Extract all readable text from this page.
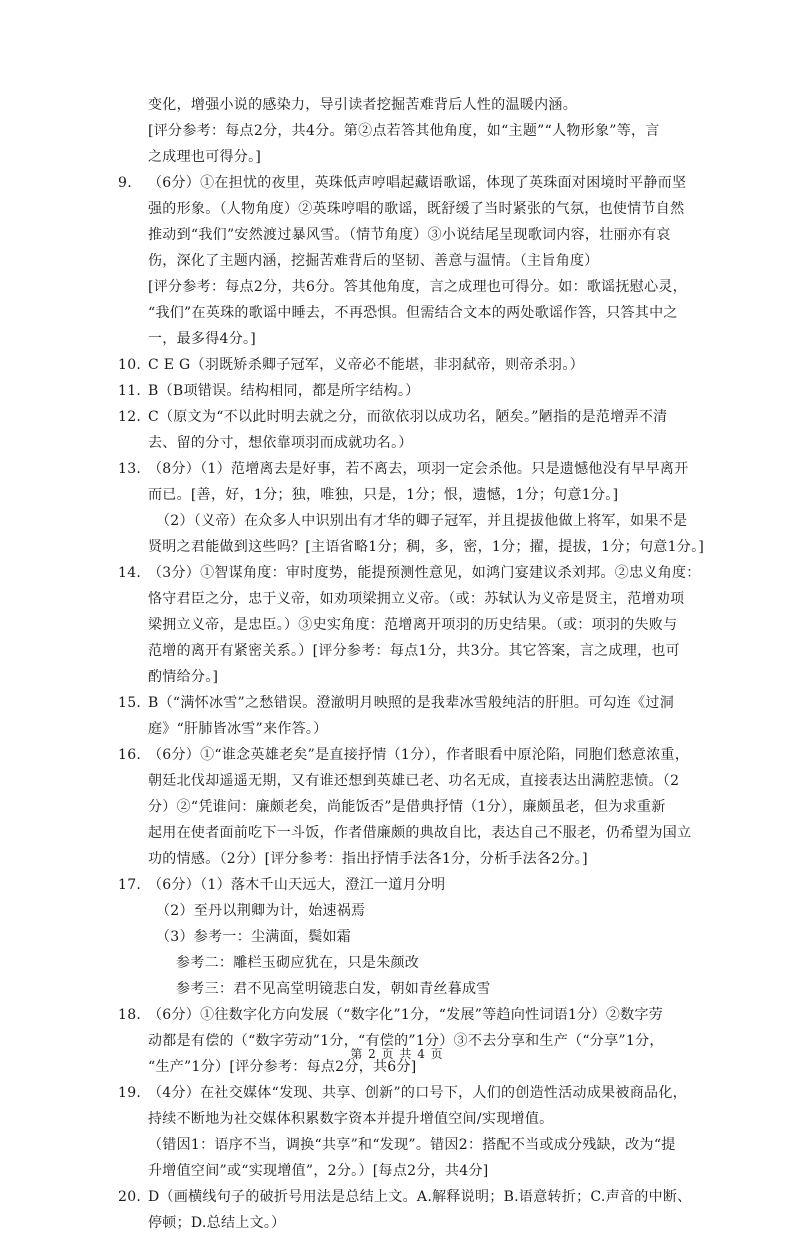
变化，增强小说的感染力，导引读者挖掘苦难背后人性的温暖内涵。
[评分参考：每点2分，共4分。第②点若答其他角度，如“主题”“人物形象”等，言
之成理也可得分。]
9. （6分）①在担忧的夜里，英珠低声哼唱起藏语歌谣，体现了英珠面对困境时平静而坚
强的形象。（人物角度）②英珠哼唱的歌谣，既舒缓了当时紧张的气氛，也使情节自然
推动到“我们”安然渡过暴风雪。（情节角度）③小说结尾呈现歌词内容，壮丽亦有哀
伤，深化了主题内涵，挖掘苦难背后的坚韧、善意与温情。（主旨角度）
[评分参考：每点2分，共6分。答其他角度，言之成理也可得分。如：歌谣抚慰心灵，
“我们”在英珠的歌谣中睡去，不再恐惧。但需结合文本的两处歌谣作答，只答其中之
一，最多得4分。]
10. C E G（羽既矫杀卿子冠军，义帝必不能堪，非羽弑帝，则帝杀羽。）
11. B（B项错误。结构相同，都是所字结构。）
12. C（原文为“不以此时明去就之分，而欲依羽以成功名，陋矣。”陋指的是范增弄不清
去、留的分寸，想依靠项羽而成就功名。）
13. （8分）（1）范增离去是好事，若不离去，项羽一定会杀他。只是遗憾他没有早早离开
而已。[善，好，1分；独，唯独，只是，1分；恨，遗憾，1分；句意1分。]
（2）（义帝）在众多人中识别出有才华的卿子冠军，并且提拔他做上将军，如果不是
贤明之君能做到这些吗？[主语省略1分；稠，多，密，1分；擢，提拔，1分；句意1分。]
14. （3分）①智谋角度：审时度势，能提预测性意见，如鸿门宴建议杀刘邦。②忠义角度：
恪守君臣之分，忠于义帝，如劝项梁拥立义帝。（或：苏轼认为义帝是贤主，范增劝项
梁拥立义帝，是忠臣。）③史实角度：范增离开项羽的历史结果。（或：项羽的失败与
范增的离开有紧密关系。）[评分参考：每点1分，共3分。其它答案，言之成理，也可
酌情给分。]
15. B（“满怀冰雪”之愁错误。澄澈明月映照的是我辈冰雪般纯洁的肝胆。可勾连《过洞
庭》“肝肺皆冰雪”来作答。）
16. （6分）①“谁念英雄老矣”是直接抒情（1分），作者眼看中原沦陷，同胞们愁意浓重，
朝廷北伐却遥遥无期，又有谁还想到英雄已老、功名无成，直接表达出满腔悲愤。（2
分）②“凭谁问：廉颇老矣，尚能饭否”是借典抒情（1分），廉颇虽老，但为求重新
起用在使者面前吃下一斗饭，作者借廉颇的典故自比，表达自己不服老，仍希望为国立
功的情感。（2分）[评分参考：指出抒情手法各1分，分析手法各2分。]
17. （6分）（1）落木千山天远大，澄江一道月分明
（2）至丹以荆卿为计，始速祸焉
（3）参考一：尘满面，鬓如霜
参考二：雕栏玉砌应犹在，只是朱颜改
参考三：君不见高堂明镜悲白发，朝如青丝暮成雪
18. （6分）①往数字化方向发展（“数字化”1分，“发展”等趋向性词语1分）②数字劳
动都是有偿的（“数字劳动”1分，“有偿的”1分）③不去分享和生产（“分享”1分，
“生产”1分）[评分参考：每点2分，共6分]
19. （4分）在社交媒体“发现、共享、创新”的口号下，人们的创造性活动成果被商品化，
持续不断地为社交媒体积累数字资本并提升增值空间/实现增值。
（错因1：语序不当，调换“共享”和“发现”。错因2：搭配不当或成分残缺，改为“提
升增值空间”或“实现增值”，2分。）[每点2分，共4分]
20. D（画横线句子的破折号用法是总结上文。A.解释说明；B.语意转折；C.声音的中断、
停顿；D.总结上文。）
第 2 页 共 4 页
